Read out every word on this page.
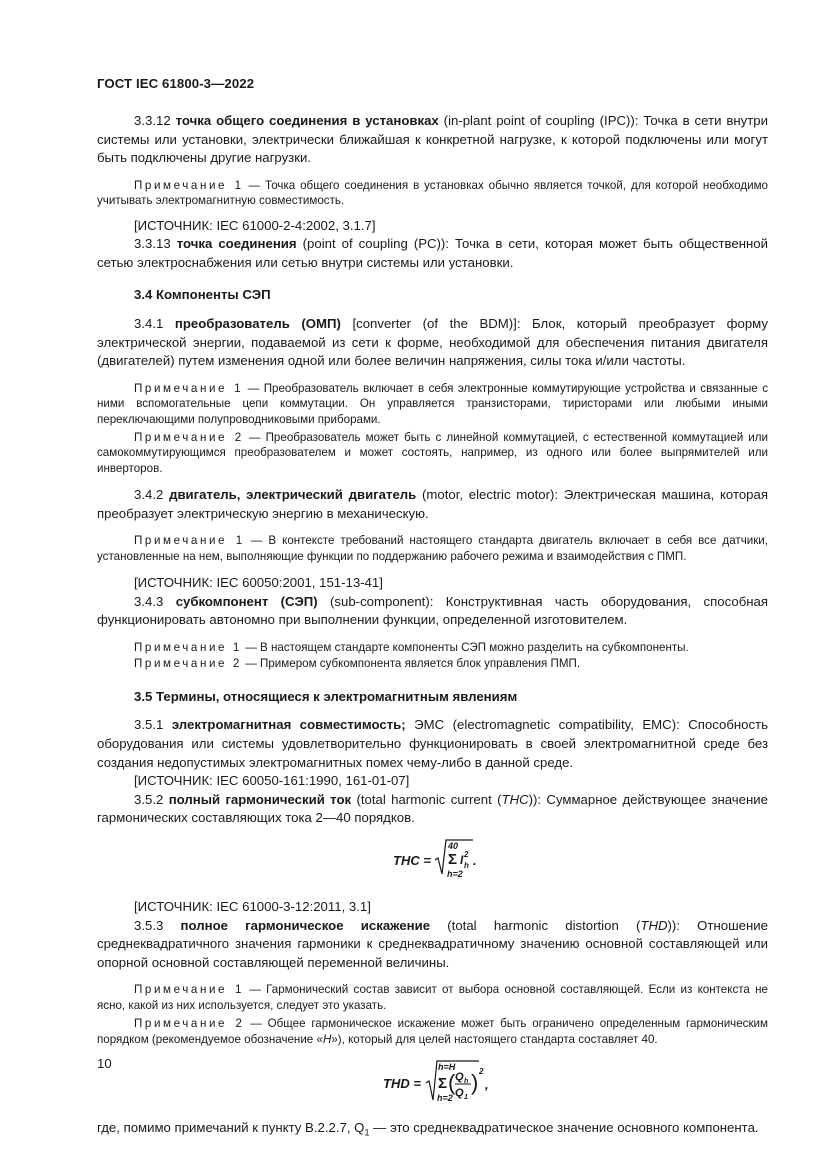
ГОСТ IEC 61800-3—2022

3.3.12 точка общего соединения в установках (in-plant point of coupling (IPC)): Точка в сети внутри системы или установки, электрически ближайшая к конкретной нагрузке, к которой подключены или могут быть подключены другие нагрузки.

Примечание 1 — Точка общего соединения в установках обычно является точкой, для которой необходимо учитывать электромагнитную совместимость.

[ИСТОЧНИК: IEC 61000-2-4:2002, 3.1.7]

3.3.13 точка соединения (point of coupling (PC)): Точка в сети, которая может быть общественной сетью электроснабжения или сетью внутри системы или установки.

3.4 Компоненты СЭП

3.4.1 преобразователь (ОМП) [converter (of the BDM)]: Блок, который преобразует форму электрической энергии, подаваемой из сети к форме, необходимой для обеспечения питания двигателя (двигателей) путем изменения одной или более величин напряжения, силы тока и/или частоты.

Примечание 1 — Преобразователь включает в себя электронные коммутирующие устройства и связанные с ними вспомогательные цепи коммутации. Он управляется транзисторами, тиристорами или любыми иными переключающими полупроводниковыми приборами.

Примечание 2 — Преобразователь может быть с линейной коммутацией, с естественной коммутацией или самокоммутирующимся преобразователем и может состоять, например, из одного или более выпрямителей или инверторов.

3.4.2 двигатель, электрический двигатель (motor, electric motor): Электрическая машина, которая преобразует электрическую энергию в механическую.

Примечание 1 — В контексте требований настоящего стандарта двигатель включает в себя все датчики, установленные на нем, выполняющие функции по поддержанию рабочего режима и взаимодействия с ПМП.

[ИСТОЧНИК: IEC 60050:2001, 151-13-41]

3.4.3 субкомпонент (СЭП) (sub-component): Конструктивная часть оборудования, способная функционировать автономно при выполнении функции, определенной изготовителем.

Примечание 1 — В настоящем стандарте компоненты СЭП можно разделить на субкомпоненты.

Примечание 2 — Примером субкомпонента является блок управления ПМП.

3.5 Термины, относящиеся к электромагнитным явлениям

3.5.1 электромагнитная совместимость; ЭМС (electromagnetic compatibility, EMC): Способность оборудования или системы удовлетворительно функционировать в своей электромагнитной среде без создания недопустимых электромагнитных помех чему-либо в данной среде.

[ИСТОЧНИК: IEC 60050-161:1990, 161-01-07]

3.5.2 полный гармонический ток (total harmonic current (THC)): Суммарное действующее значение гармонических составляющих тока 2—40 порядков.

THC =
40
Σ
h=2
I h
2 .

[ИСТОЧНИК: IEC 61000-3-12:2011, 3.1]

3.5.3 полное гармоническое искажение (total harmonic distortion (THD)): Отношение среднеквадратичного значения гармоники к среднеквадратичному значению основной составляющей или опорной основной составляющей переменной величины.

Примечание 1 — Гармонический состав зависит от выбора основной составляющей. Если из контекста не ясно, какой из них используется, следует это указать.

Примечание 2 — Общее гармоническое искажение может быть ограничено определенным гармоническим порядком (рекомендуемое обозначение «H»), который для целей настоящего стандарта составляет 40.

THD =
h=H
Σ
h=2
( Q h
Q 1
) 2
,

где, помимо примечаний к пункту B.2.2.7, $Q_1$ — это среднеквадратическое значение основного компонента.

10
